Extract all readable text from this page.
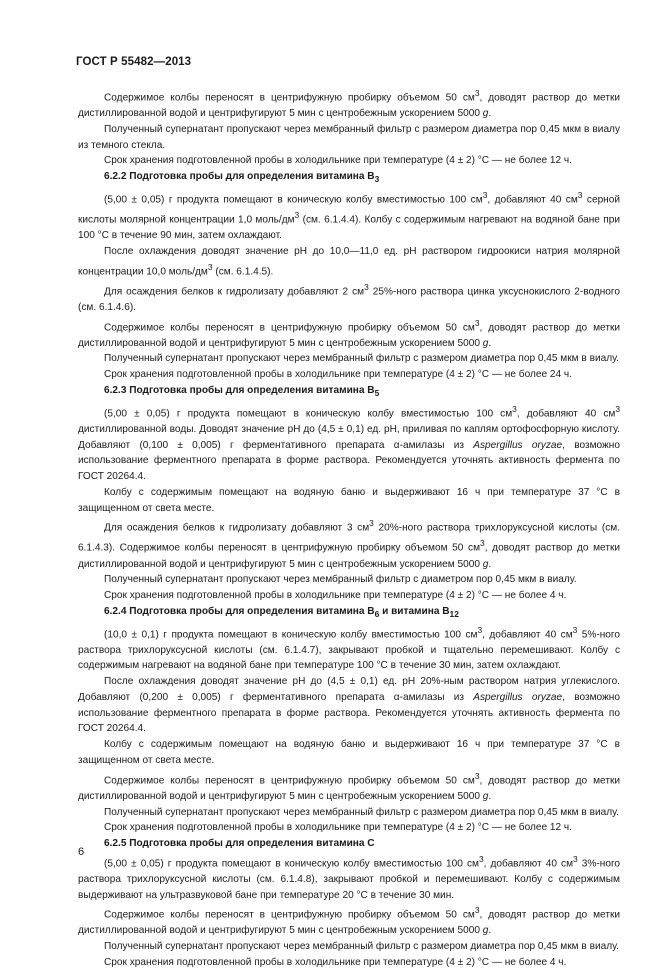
ГОСТ Р 55482—2013

Содержимое колбы переносят в центрифужную пробирку объемом 50 $см^3$, доводят раствор до метки дистиллированной водой и центрифугируют 5 мин с центробежным ускорением 5000 g.

Полученный супернатант пропускают через мембранный фильтр с размером диаметра пор 0,45 мкм в виалу из темного стекла.

Срок хранения подготовленной пробы в холодильнике при температуре (4 ± 2) °С — не более 12 ч.

6.2.2 Подготовка пробы для определения витамина $В_3$

(5,00 ± 0,05) г продукта помещают в коническую колбу вместимостью 100 $см^3$, добавляют 40 $см^3$ серной кислоты молярной концентрации 1,0 моль/$дм^3$ (см. 6.1.4.4). Колбу с содержимым нагревают на водяной бане при 100 °С в течение 90 мин, затем охлаждают.

После охлаждения доводят значение рН до 10,0—11,0 ед. рН раствором гидроокиси натрия молярной концентрации 10,0 моль/$дм^3$ (см. 6.1.4.5).

Для осаждения белков к гидролизату добавляют 2 $см^3$ 25%-ного раствора цинка уксуснокислого 2-водного (см. 6.1.4.6).

Содержимое колбы переносят в центрифужную пробирку объемом 50 $см^3$, доводят раствор до метки дистиллированной водой и центрифугируют 5 мин с центробежным ускорением 5000 g.

Полученный супернатант пропускают через мембранный фильтр с размером диаметра пор 0,45 мкм в виалу.

Срок хранения подготовленной пробы в холодильнике при температуре (4 ± 2) °С — не более 24 ч.

6.2.3 Подготовка пробы для определения витамина $В_5$

(5,00 ± 0,05) г продукта помещают в коническую колбу вместимостью 100 $см^3$, добавляют 40 $см^3$ дистиллированной воды. Доводят значение рН до (4,5 ± 0,1) ед. рН, приливая по каплям ортофосфорную кислоту. Добавляют (0,100 ± 0,005) г ферментативного препарата α-амилазы из Aspergillus oryzae, возможно использование ферментного препарата в форме раствора. Рекомендуется уточнять активность фермента по ГОСТ 20264.4.

Колбу с содержимым помещают на водяную баню и выдерживают 16 ч при температуре 37 °С в защищенном от света месте.

Для осаждения белков к гидролизату добавляют 3 $см^3$ 20%-ного раствора трихлоруксусной кислоты (см. 6.1.4.3). Содержимое колбы переносят в центрифужную пробирку объемом 50 $см^3$, доводят раствор до метки дистиллированной водой и центрифугируют 5 мин с центробежным ускорением 5000 g.

Полученный супернатант пропускают через мембранный фильтр с диаметром пор 0,45 мкм в виалу.

Срок хранения подготовленной пробы в холодильнике при температуре (4 ± 2) °С — не более 4 ч.

6.2.4 Подготовка пробы для определения витамина $В_6$ и витамина $В_{12}$

(10,0 ± 0,1) г продукта помещают в коническую колбу вместимостью 100 $см^3$, добавляют 40 $см^3$ 5%-ного раствора трихлоруксусной кислоты (см. 6.1.4.7), закрывают пробкой и тщательно перемешивают. Колбу с содержимым нагревают на водяной бане при температуре 100 °С в течение 30 мин, затем охлаждают.

После охлаждения доводят значение рН до (4,5 ± 0,1) ед. рН 20%-ным раствором натрия углекислого. Добавляют (0,200 ± 0,005) г ферментативного препарата α-амилазы из Aspergillus oryzae, возможно использование ферментного препарата в форме раствора. Рекомендуется уточнять активность фермента по ГОСТ 20264.4.

Колбу с содержимым помещают на водяную баню и выдерживают 16 ч при температуре 37 °С в защищенном от света месте.

Содержимое колбы переносят в центрифужную пробирку объемом 50 $см^3$, доводят раствор до метки дистиллированной водой и центрифугируют 5 мин с центробежным ускорением 5000 g.

Полученный супернатант пропускают через мембранный фильтр с размером диаметра пор 0,45 мкм в виалу.

Срок хранения подготовленной пробы в холодильнике при температуре (4 ± 2) °С — не более 12 ч.

6.2.5 Подготовка пробы для определения витамина С

(5,00 ± 0,05) г продукта помещают в коническую колбу вместимостью 100 $см^3$, добавляют 40 $см^3$ 3%-ного раствора трихлоруксусной кислоты (см. 6.1.4.8), закрывают пробкой и перемешивают. Колбу с содержимым выдерживают на ультразвуковой бане при температуре 20 °С в течение 30 мин.

Содержимое колбы переносят в центрифужную пробирку объемом 50 $см^3$, доводят раствор до метки дистиллированной водой и центрифугируют 5 мин с центробежным ускорением 5000 g.

Полученный супернатант пропускают через мембранный фильтр с размером диаметра пор 0,45 мкм в виалу.

Срок хранения подготовленной пробы в холодильнике при температуре (4 ± 2) °С — не более 4 ч.

6
